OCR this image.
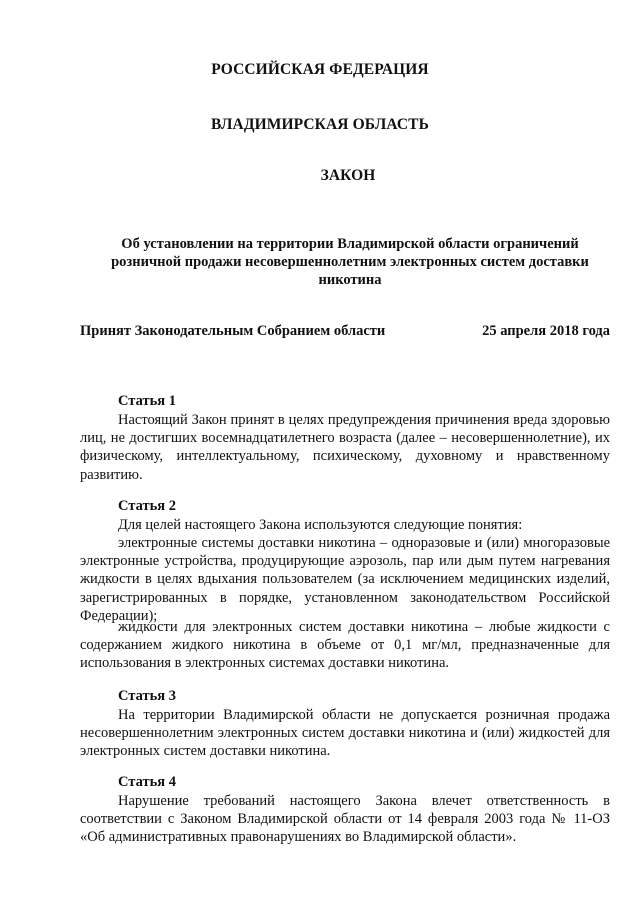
РОССИЙСКАЯ ФЕДЕРАЦИЯ
ВЛАДИМИРСКАЯ ОБЛАСТЬ
ЗАКОН
Об установлении на территории Владимирской области ограничений розничной продажи несовершеннолетним электронных систем доставки никотина
Принят Законодательным Собранием области	25 апреля 2018 года
Статья 1

Настоящий Закон принят в целях предупреждения причинения вреда здоровью лиц, не достигших восемнадцатилетнего возраста (далее – несовершеннолетние), их физическому, интеллектуальному, психическому, духовному и нравственному развитию.

Статья 2

Для целей настоящего Закона используются следующие понятия:

электронные системы доставки никотина – одноразовые и (или) многоразовые электронные устройства, продуцирующие аэрозоль, пар или дым путем нагревания жидкости в целях вдыхания пользователем (за исключением медицинских изделий, зарегистрированных в порядке, установленном законодательством Российской Федерации);

жидкости для электронных систем доставки никотина – любые жидкости с содержанием жидкого никотина в объеме от 0,1 мг/мл, предназначенные для использования в электронных системах доставки никотина.

Статья 3

На территории Владимирской области не допускается розничная продажа несовершеннолетним электронных систем доставки никотина и (или) жидкостей для электронных систем доставки никотина.

Статья 4

Нарушение требований настоящего Закона влечет ответственность в соответствии с Законом Владимирской области от 14 февраля 2003 года № 11-ОЗ «Об административных правонарушениях во Владимирской области».
